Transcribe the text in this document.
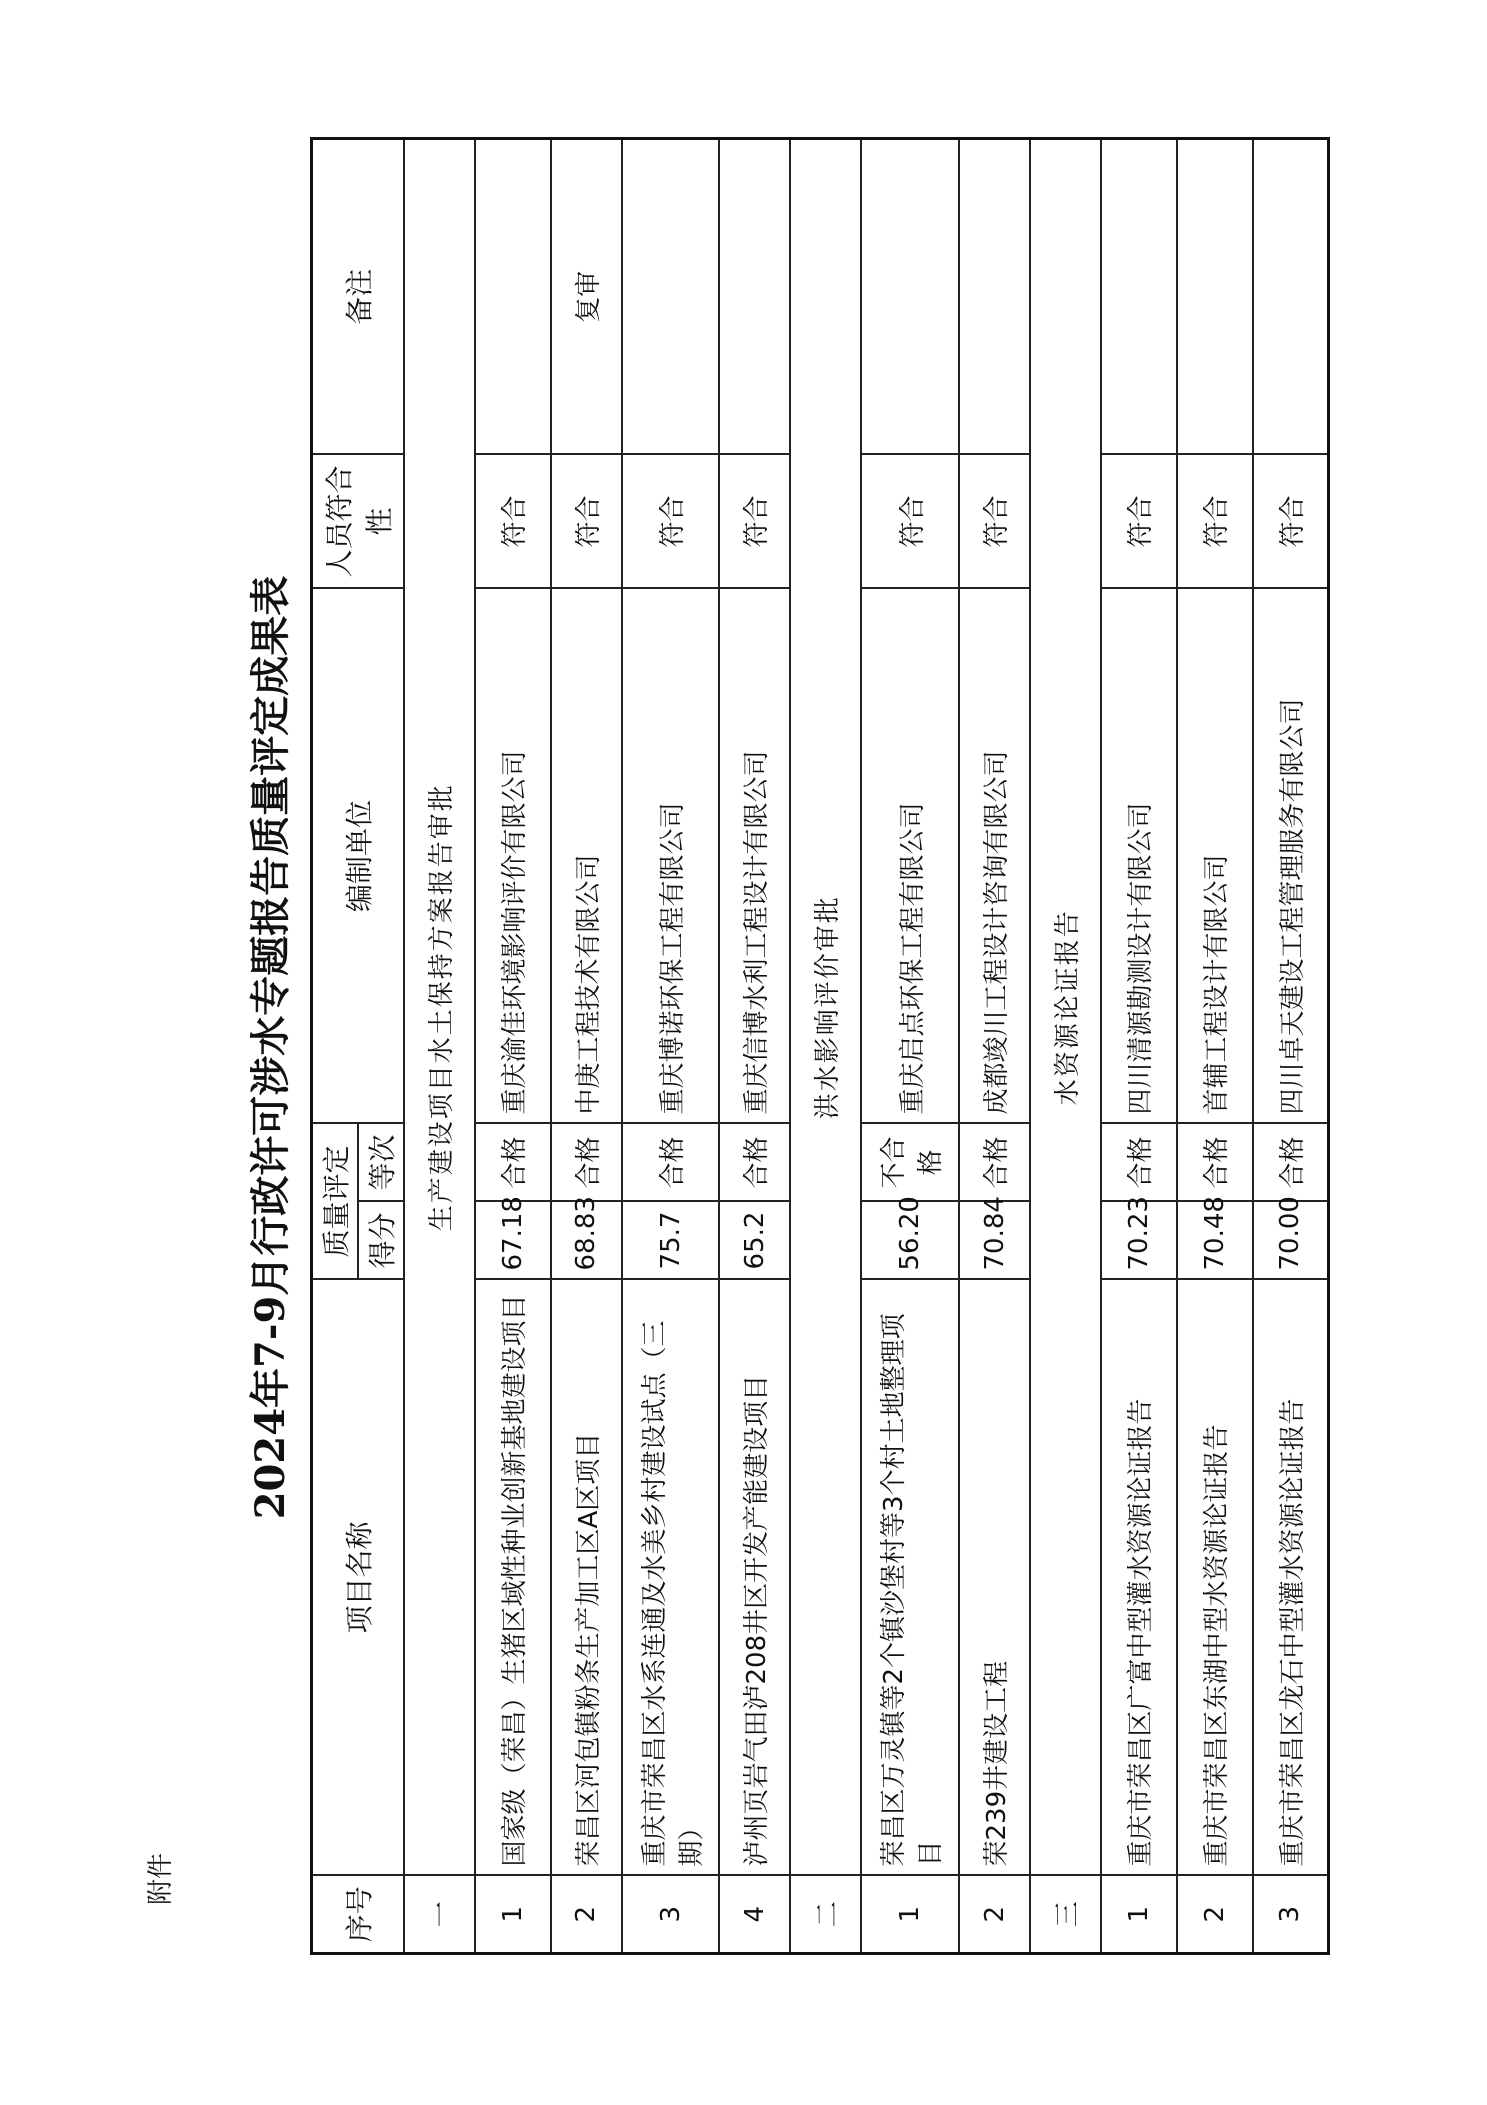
附件
2024年7-9月行政许可涉水专题报告质量评定成果表
序号	项目名称	质量评定		编制单位	人员符合性	备注
		得分	等次			
一	生产建设项目水土保持方案报告审批					
1	国家级（荣昌）生猪区域性种业创新基地建设项目	67.18	合格	重庆渝佳环境影响评价有限公司	符合	
2	荣昌区河包镇粉条生产加工区A区项目	68.83	合格	中庚工程技术有限公司	符合	复审
3	重庆市荣昌区水系连通及水美乡村建设试点（三期）	75.7	合格	重庆博诺环保工程有限公司	符合	
4	泸州页岩气田泸208井区开发产能建设项目	65.2	合格	重庆信博水利工程设计有限公司	符合	
二	洪水影响评价审批					
1	荣昌区万灵镇等2个镇沙堡村等3个村土地整理项目	56.20	不合格	重庆启点环保工程有限公司	符合	
2	荣239井建设工程	70.84	合格	成都竣川工程设计咨询有限公司	符合	
三	水资源论证报告					
1	重庆市荣昌区广富中型灌水资源论证报告	70.23	合格	四川清源勘测设计有限公司	符合	
2	重庆市荣昌区东湖中型水资源论证报告	70.48	合格	首辅工程设计有限公司	符合	
3	重庆市荣昌区龙石中型灌水资源论证报告	70.00	合格	四川卓天建设工程管理服务有限公司	符合	
